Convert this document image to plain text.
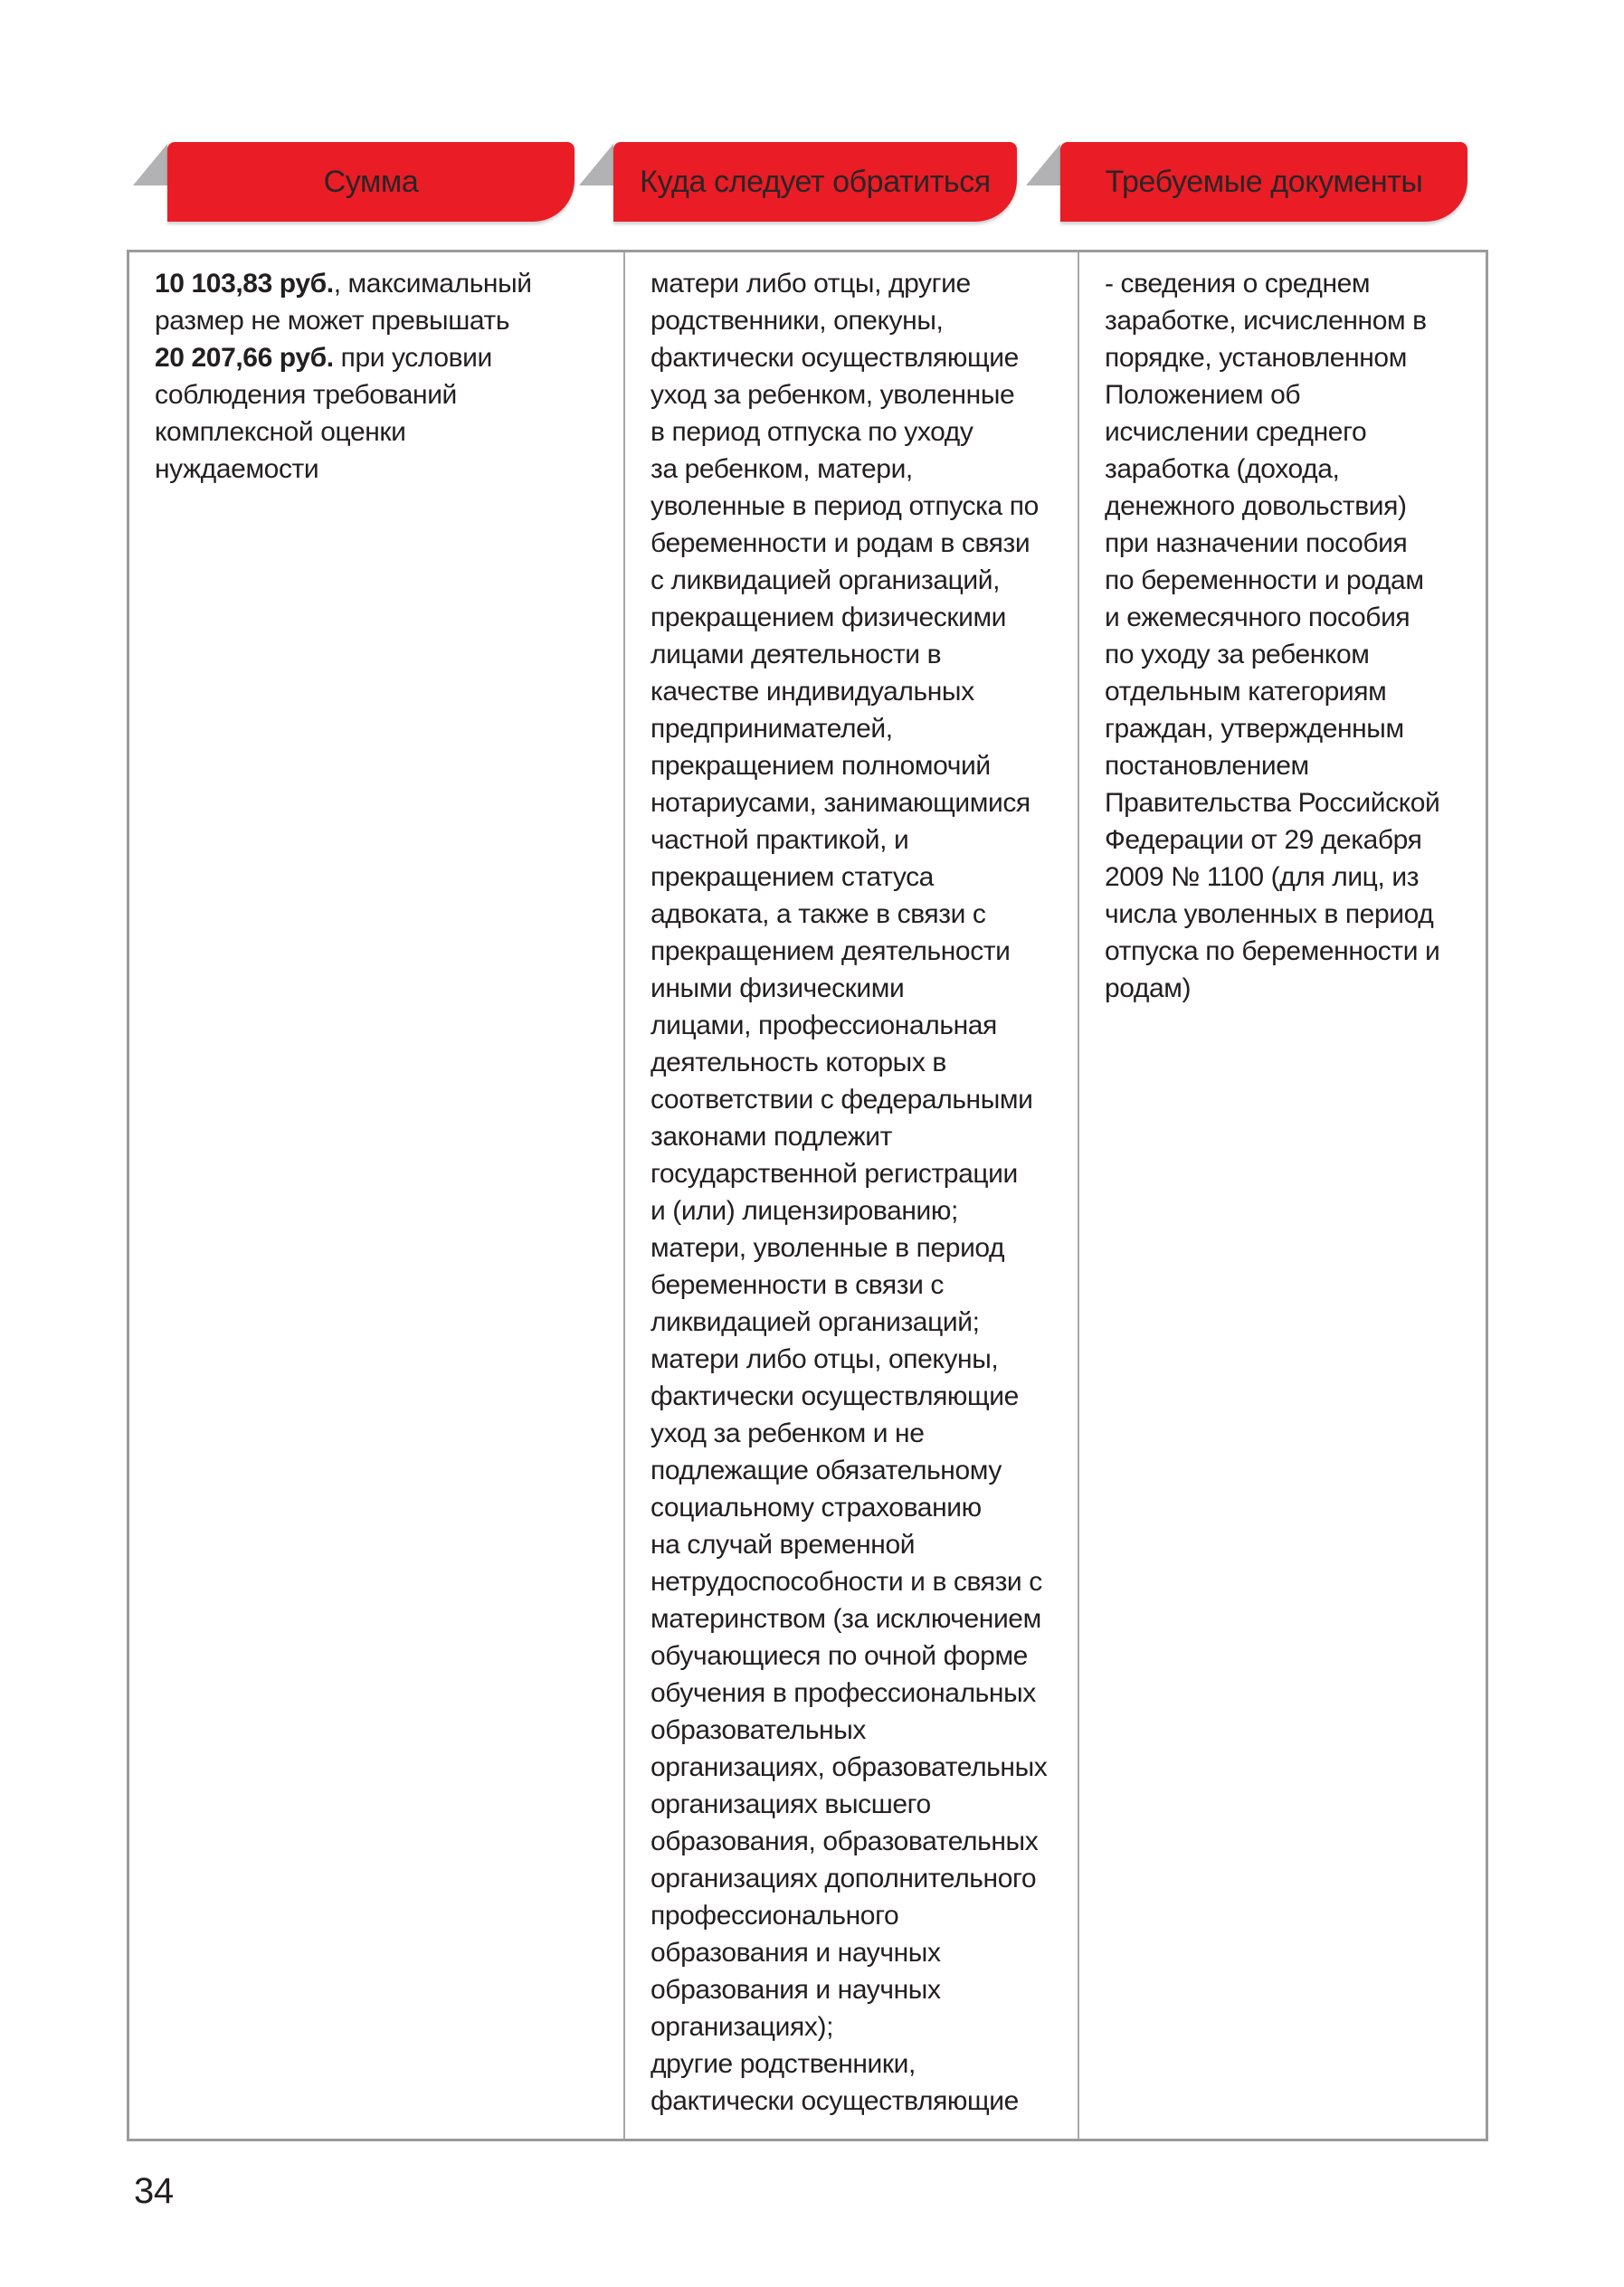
Сумма	Куда следует обратиться	Требуемые документы
10 103,83 руб., максимальный
размер не может превышать
20 207,66 руб. при условии
соблюдения требований
комплексной оценки
нуждаемости
матери либо отцы, другие
родственники, опекуны,
фактически осуществляющие
уход за ребенком, уволенные
в период отпуска по уходу
за ребенком, матери,
уволенные в период отпуска по
беременности и родам в связи
с ликвидацией организаций,
прекращением физическими
лицами деятельности в
качестве индивидуальных
предпринимателей,
прекращением полномочий
нотариусами, занимающимися
частной практикой, и
прекращением статуса
адвоката, а также в связи с
прекращением деятельности
иными физическими
лицами, профессиональная
деятельность которых в
соответствии с федеральными
законами подлежит
государственной регистрации
и (или) лицензированию;
матери, уволенные в период
беременности в связи с
ликвидацией организаций;
матери либо отцы, опекуны,
фактически осуществляющие
уход за ребенком и не
подлежащие обязательному
социальному страхованию
на случай временной
нетрудоспособности и в связи с
материнством (за исключением
обучающиеся по очной форме
обучения в профессиональных
образовательных
организациях, образовательных
организациях высшего
образования, образовательных
организациях дополнительного
профессионального
образования и научных
образования и научных
организациях);
другие родственники,
фактически осуществляющие
- сведения о среднем
заработке, исчисленном в
порядке, установленном
Положением об
исчислении среднего
заработка (дохода,
денежного довольствия)
при назначении пособия
по беременности и родам
и ежемесячного пособия
по уходу за ребенком
отдельным категориям
граждан, утвержденным
постановлением
Правительства Российской
Федерации от 29 декабря
2009 № 1100 (для лиц, из
числа уволенных в период
отпуска по беременности и
родам)
34
